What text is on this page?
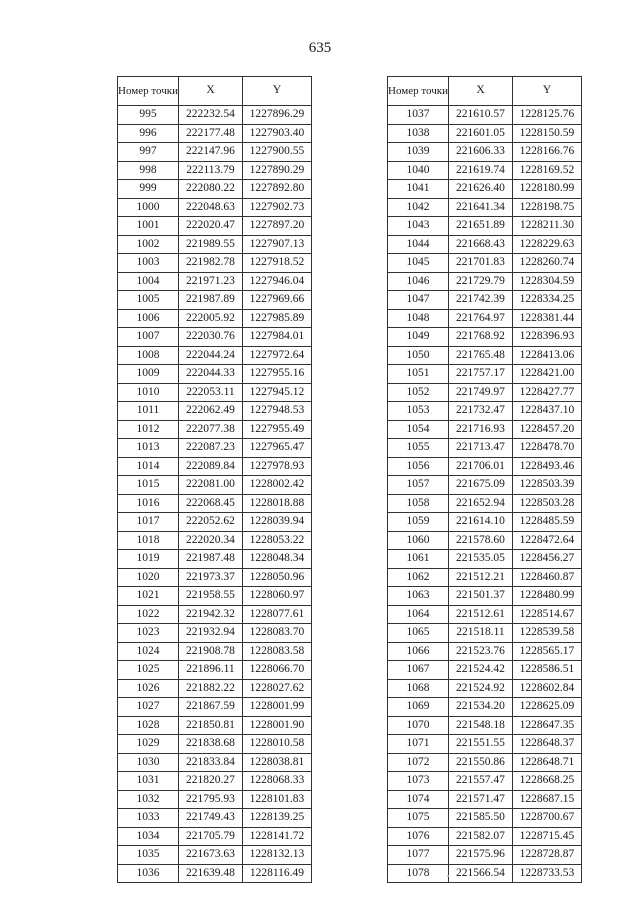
635
Номер точки	X	Y
995	222232.54	1227896.29
996	222177.48	1227903.40
997	222147.96	1227900.55
998	222113.79	1227890.29
999	222080.22	1227892.80
1000	222048.63	1227902.73
1001	222020.47	1227897.20
1002	221989.55	1227907.13
1003	221982.78	1227918.52
1004	221971.23	1227946.04
1005	221987.89	1227969.66
1006	222005.92	1227985.89
1007	222030.76	1227984.01
1008	222044.24	1227972.64
1009	222044.33	1227955.16
1010	222053.11	1227945.12
1011	222062.49	1227948.53
1012	222077.38	1227955.49
1013	222087.23	1227965.47
1014	222089.84	1227978.93
1015	222081.00	1228002.42
1016	222068.45	1228018.88
1017	222052.62	1228039.94
1018	222020.34	1228053.22
1019	221987.48	1228048.34
1020	221973.37	1228050.96
1021	221958.55	1228060.97
1022	221942.32	1228077.61
1023	221932.94	1228083.70
1024	221908.78	1228083.58
1025	221896.11	1228066.70
1026	221882.22	1228027.62
1027	221867.59	1228001.99
1028	221850.81	1228001.90
1029	221838.68	1228010.58
1030	221833.84	1228038.81
1031	221820.27	1228068.33
1032	221795.93	1228101.83
1033	221749.43	1228139.25
1034	221705.79	1228141.72
1035	221673.63	1228132.13
1036	221639.48	1228116.49
Номер точки	X	Y
1037	221610.57	1228125.76
1038	221601.05	1228150.59
1039	221606.33	1228166.76
1040	221619.74	1228169.52
1041	221626.40	1228180.99
1042	221641.34	1228198.75
1043	221651.89	1228211.30
1044	221668.43	1228229.63
1045	221701.83	1228260.74
1046	221729.79	1228304.59
1047	221742.39	1228334.25
1048	221764.97	1228381.44
1049	221768.92	1228396.93
1050	221765.48	1228413.06
1051	221757.17	1228421.00
1052	221749.97	1228427.77
1053	221732.47	1228437.10
1054	221716.93	1228457.20
1055	221713.47	1228478.70
1056	221706.01	1228493.46
1057	221675.09	1228503.39
1058	221652.94	1228503.28
1059	221614.10	1228485.59
1060	221578.60	1228472.64
1061	221535.05	1228456.27
1062	221512.21	1228460.87
1063	221501.37	1228480.99
1064	221512.61	1228514.67
1065	221518.11	1228539.58
1066	221523.76	1228565.17
1067	221524.42	1228586.51
1068	221524.92	1228602.84
1069	221534.20	1228625.09
1070	221548.18	1228647.35
1071	221551.55	1228648.37
1072	221550.86	1228648.71
1073	221557.47	1228668.25
1074	221571.47	1228687.15
1075	221585.50	1228700.67
1076	221582.07	1228715.45
1077	221575.96	1228728.87
1078	221566.54	1228733.53
